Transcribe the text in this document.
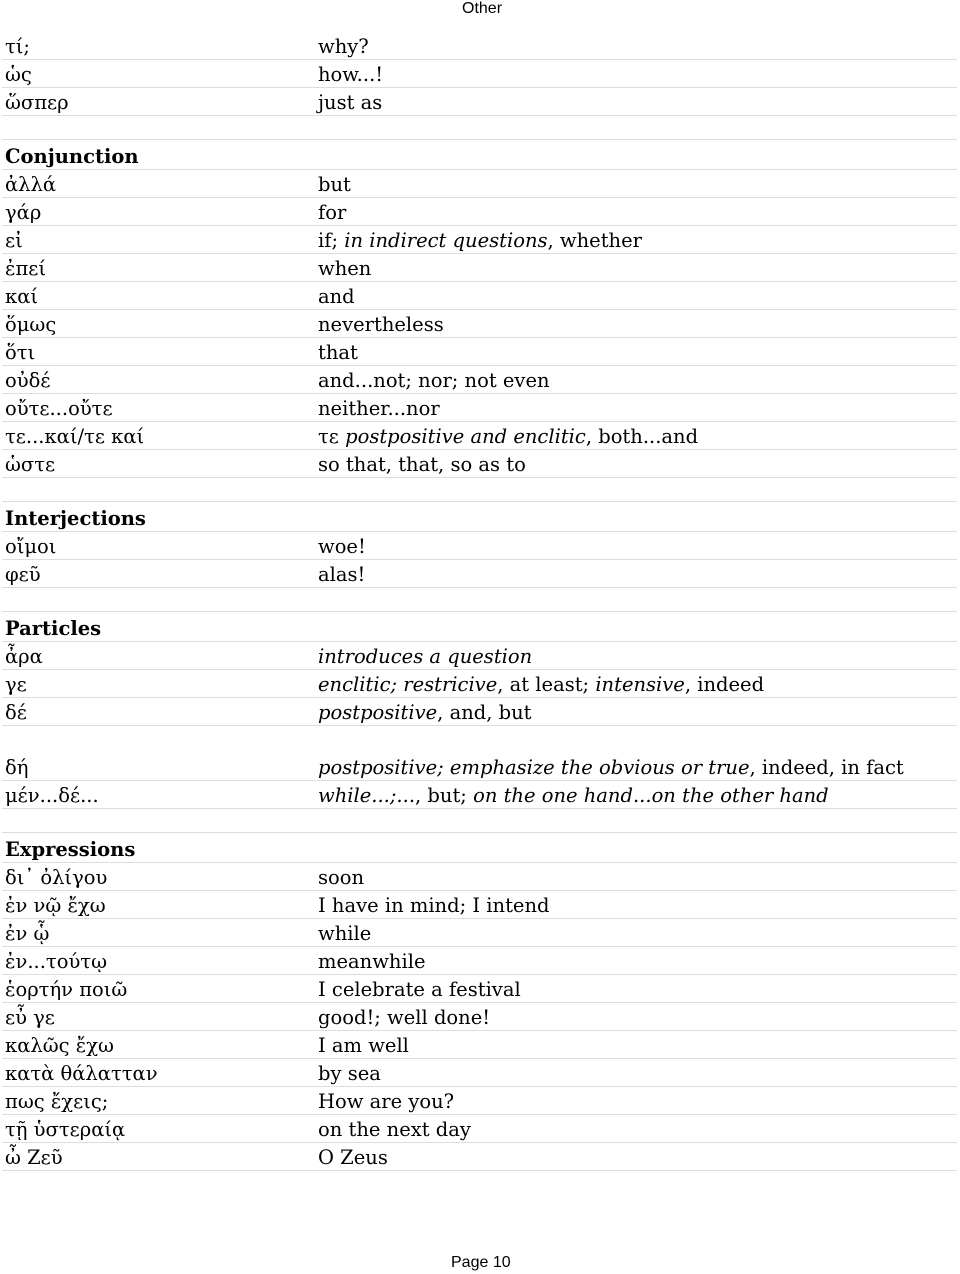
Other
τί;	why?
ὡς	how...!
ὥσπερ	just as

Conjunction	
ἀλλά	but
γάρ	for
εἰ	if; in indirect questions, whether
ἐπεί	when
καί	and
ὅμως	nevertheless
ὅτι	that
οὐδέ	and...not; nor; not even
οὔτε...οὔτε	neither...nor
τε...καί/τε καί	τε postpositive and enclitic, both...and
ὡστε	so that, that, so as to

Interjections	
οἴμοι	woe!
φεῦ	alas!

Particles	
ἆρα	introduces a question
γε	enclitic; restricive, at least; intensive, indeed
δέ	postpositive, and, but
δή	postpositive; emphasize the obvious or true, indeed, in fact
μέν...δέ...	while...;..., but; on the one hand...on the other hand

Expressions	
δι᾽ ὀλίγου	soon
ἐν νῷ ἔχω	I have in mind; I intend
ἐν ᾧ	while
ἐν...τούτῳ	meanwhile
ἑορτήν ποιῶ	I celebrate a festival
εὖ γε	good!; well done!
καλῶς ἔχω	I am well
κατὰ θάλατταν	by sea
πως ἔχεις;	How are you?
τῇ ὑστεραίᾳ	on the next day
ὦ Ζεῦ	O Zeus
Page 10
